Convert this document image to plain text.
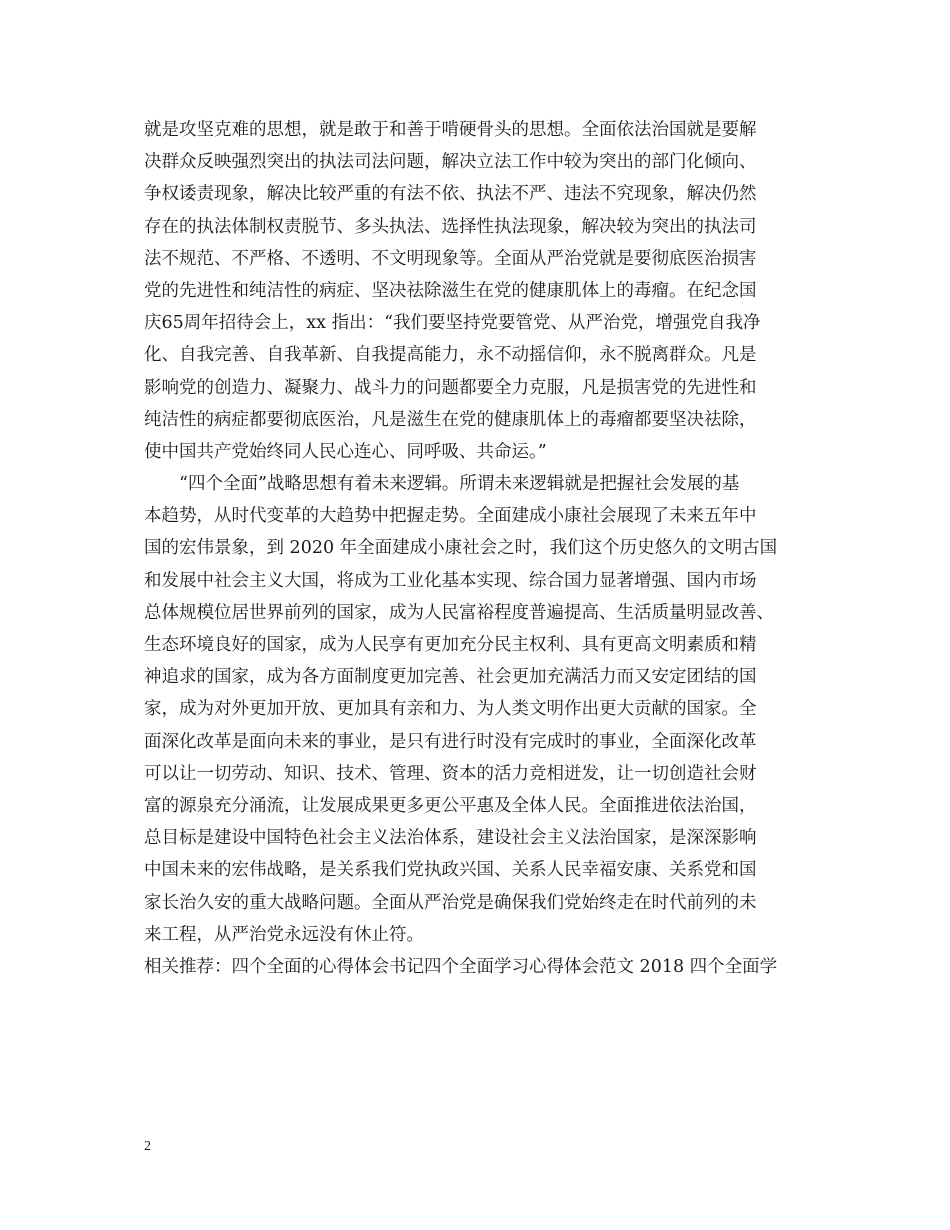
就是攻坚克难的思想，就是敢于和善于啃硬骨头的思想。全面依法治国就是要解
决群众反映强烈突出的执法司法问题，解决立法工作中较为突出的部门化倾向、
争权诿责现象，解决比较严重的有法不依、执法不严、违法不究现象，解决仍然
存在的执法体制权责脱节、多头执法、选择性执法现象，解决较为突出的执法司
法不规范、不严格、不透明、不文明现象等。全面从严治党就是要彻底医治损害
党的先进性和纯洁性的病症、坚决祛除滋生在党的健康肌体上的毒瘤。在纪念国
庆65周年招待会上，xx 指出：“我们要坚持党要管党、从严治党，增强党自我净
化、自我完善、自我革新、自我提高能力，永不动摇信仰，永不脱离群众。凡是
影响党的创造力、凝聚力、战斗力的问题都要全力克服，凡是损害党的先进性和
纯洁性的病症都要彻底医治，凡是滋生在党的健康肌体上的毒瘤都要坚决祛除，
使中国共产党始终同人民心连心、同呼吸、共命运。”
“四个全面”战略思想有着未来逻辑。所谓未来逻辑就是把握社会发展的基
本趋势，从时代变革的大趋势中把握走势。全面建成小康社会展现了未来五年中
国的宏伟景象，到 2020 年全面建成小康社会之时，我们这个历史悠久的文明古国
和发展中社会主义大国，将成为工业化基本实现、综合国力显著增强、国内市场
总体规模位居世界前列的国家，成为人民富裕程度普遍提高、生活质量明显改善、
生态环境良好的国家，成为人民享有更加充分民主权利、具有更高文明素质和精
神追求的国家，成为各方面制度更加完善、社会更加充满活力而又安定团结的国
家，成为对外更加开放、更加具有亲和力、为人类文明作出更大贡献的国家。全
面深化改革是面向未来的事业，是只有进行时没有完成时的事业，全面深化改革
可以让一切劳动、知识、技术、管理、资本的活力竞相迸发，让一切创造社会财
富的源泉充分涌流，让发展成果更多更公平惠及全体人民。全面推进依法治国，
总目标是建设中国特色社会主义法治体系，建设社会主义法治国家，是深深影响
中国未来的宏伟战略，是关系我们党执政兴国、关系人民幸福安康、关系党和国
家长治久安的重大战略问题。全面从严治党是确保我们党始终走在时代前列的未
来工程，从严治党永远没有休止符。
相关推荐：四个全面的心得体会书记四个全面学习心得体会范文 2018 四个全面学
2
